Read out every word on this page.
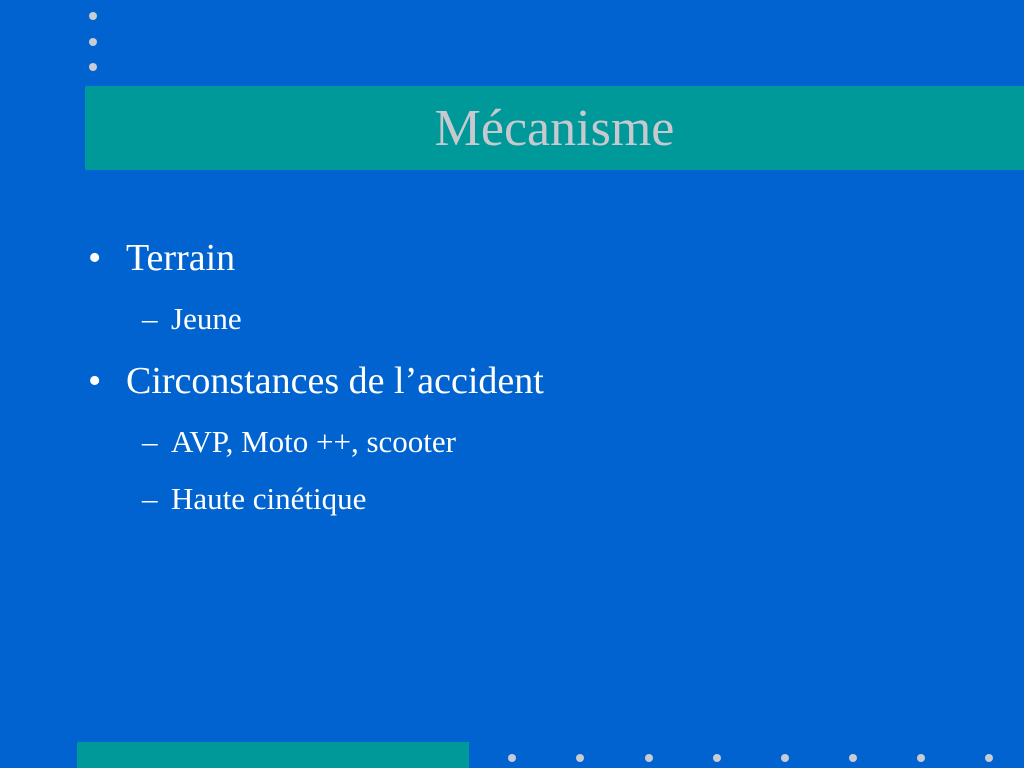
Mécanisme
• Terrain
– Jeune
• Circonstances de l’accident
– AVP, Moto ++, scooter
– Haute cinétique
